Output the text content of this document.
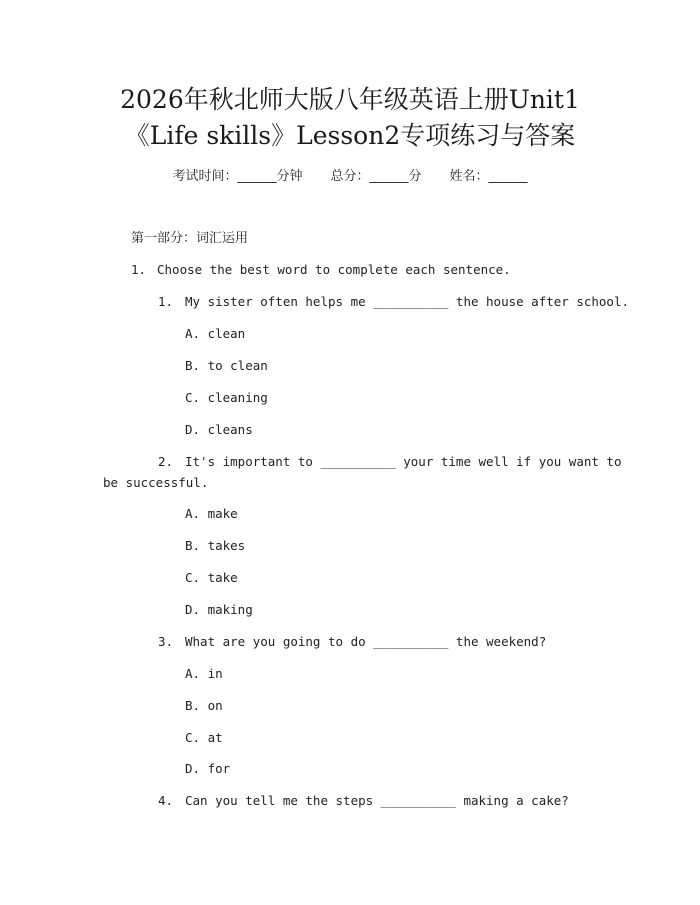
2026年秋北师大版八年级英语上册Unit1
《Life skills》Lesson2专项练习与答案
考试时间：______分钟 总分：______分 姓名：______
第一部分：词汇运用
1. Choose the best word to complete each sentence.
1. My sister often helps me __________ the house after school.
A. clean
B. to clean
C. cleaning
D. cleans
2. It's important to __________ your time well if you want to
be successful.
A. make
B. takes
C. take
D. making
3. What are you going to do __________ the weekend?
A. in
B. on
C. at
D. for
4. Can you tell me the steps __________ making a cake?
